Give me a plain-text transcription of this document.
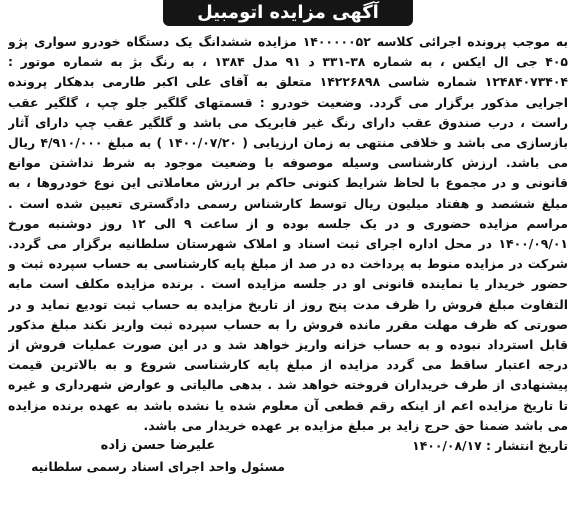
آگهی مزایده اتومبیل

به موجب پرونده اجرائی کلاسه ۱۴۰۰۰۰۰۵۲ مزایده ششدانگ یک دستگاه خودرو سواری پژو ۴۰۵ جی ال ایکس ، به شماره ۳۸-۳۳۱ د ۹۱ مدل ۱۳۸۴ ، به رنگ بژ به شماره موتور : ۱۲۴۸۴۰۷۳۴۰۴ شماره شاسی ۱۴۲۲۶۸۹۸ متعلق به آقای علی اکبر طارمی بدهکار پرونده اجرایی مذکور برگزار می گردد. وضعیت خودرو : قسمتهای گلگیر جلو چپ ، گلگیر عقب راست ، درب صندوق عقب دارای رنگ غیر فابریک می باشد و گلگیر عقب چپ دارای آثار بازسازی می باشد و خلافی منتهی به زمان ارزیابی ( ۱۴۰۰/۰۷/۲۰ ) به مبلغ ۴/۹۱۰/۰۰۰ ریال می باشد. ارزش کارشناسی وسیله موصوفه با وضعیت موجود به شرط نداشتن موانع قانونی و در مجموع با لحاظ شرایط کنونی حاکم بر ارزش معاملاتی این نوع خودروها ، به مبلغ ششصد و هفتاد میلیون ریال توسط کارشناس رسمی دادگستری تعیین شده است . مراسم مزایده حضوری و در یک جلسه بوده و از ساعت ۹ الی ۱۲ روز دوشنبه مورخ ۱۴۰۰/۰۹/۰۱ در محل اداره اجرای ثبت اسناد و املاک شهرستان سلطانیه برگزار می گردد. شرکت در مزایده منوط به پرداخت ده در صد از مبلغ پایه کارشناسی به حساب سپرده ثبت و حضور خریدار یا نماینده قانونی او در جلسه مزایده است . برنده مزایده مکلف است مابه التفاوت مبلغ فروش را ظرف مدت پنج روز از تاریخ مزایده به حساب ثبت تودیع نماید و در صورتی که ظرف مهلت مقرر مانده فروش را به حساب سپرده ثبت واریز نکند مبلغ مذکور قابل استرداد نبوده و به حساب خزانه واریز خواهد شد و در این صورت عملیات فروش از درجه اعتبار ساقط می گردد مزایده از مبلغ پایه کارشناسی شروع و به بالاترین قیمت پیشنهادی از طرف خریداران فروخته خواهد شد . بدهی مالیاتی و عوارض شهرداری و غیره تا تاریخ مزایده اعم از اینکه رقم قطعی آن معلوم شده یا نشده باشد به عهده برنده مزایده می باشد ضمنا حق حرج زاید بر مبلغ مزایده بر عهده خریدار می باشد.

تاریخ انتشار : ۱۴۰۰/۰۸/۱۷
علیرضا حسن زاده
مسئول واحد اجرای اسناد رسمی سلطانیه
